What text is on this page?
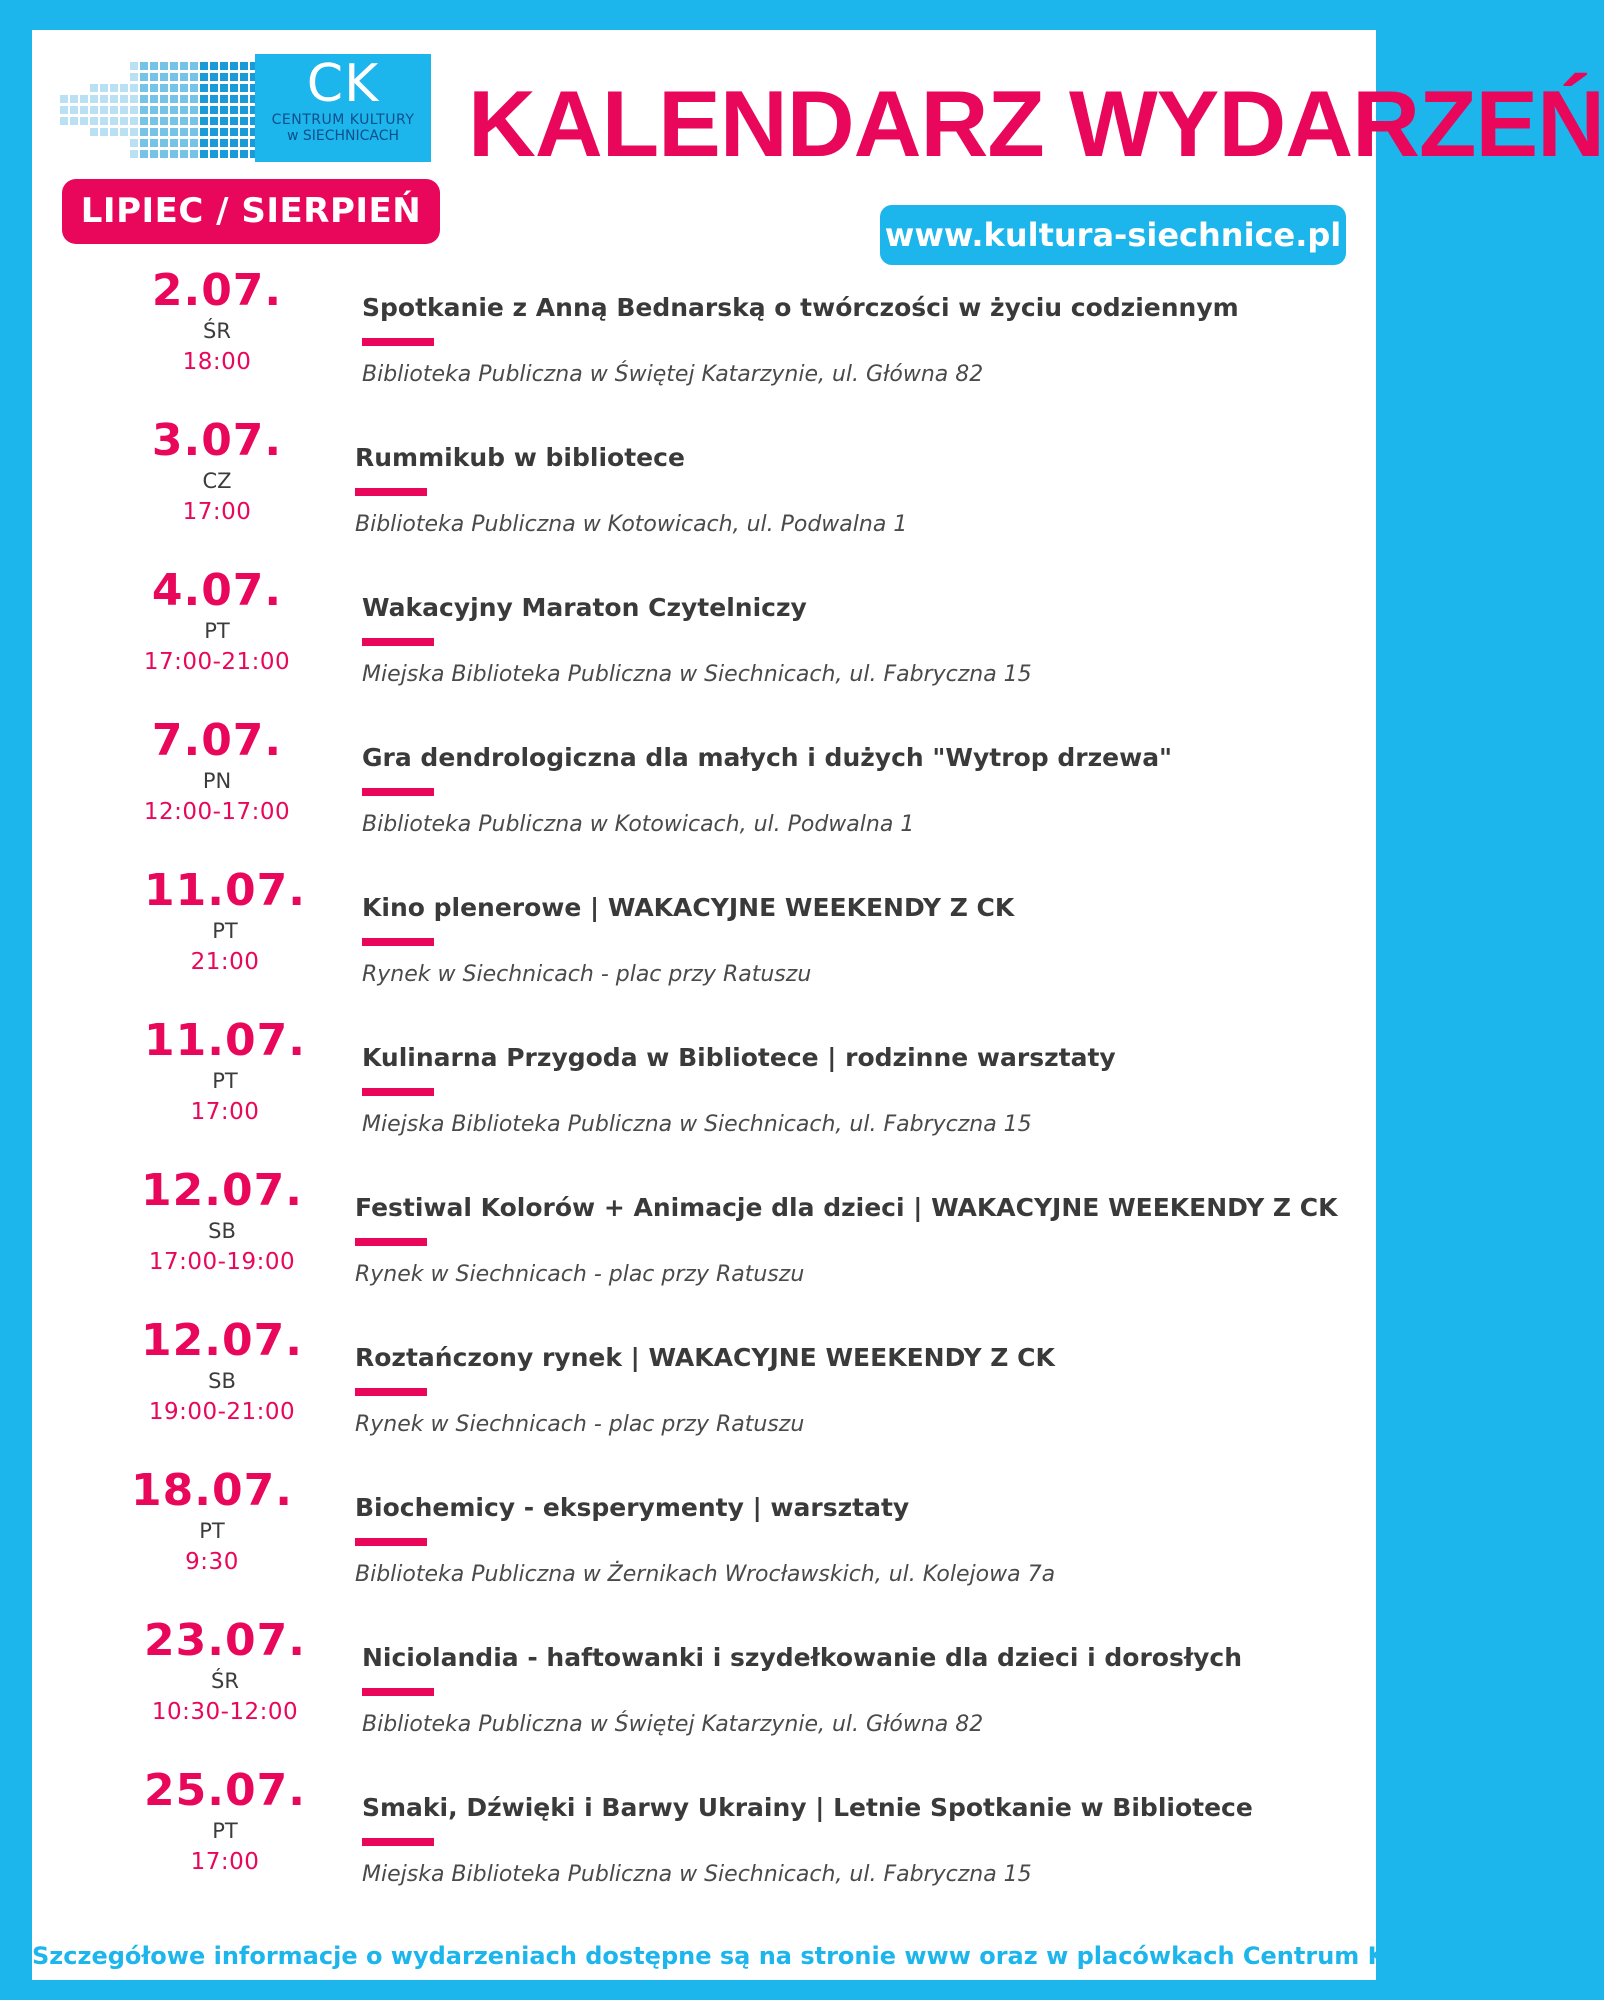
CK
CENTRUM KULTURY
w SIECHNICACH KALENDARZ WYDARZEŃ
LIPIEC / SIERPIEŃ
www.kultura-siechnice.pl
2.07.
ŚR
18:00
Spotkanie z Anną Bednarską o twórczości w życiu codziennym
Biblioteka Publiczna w Świętej Katarzynie, ul. Główna 82
3.07.
CZ
17:00
Rummikub w bibliotece
Biblioteka Publiczna w Kotowicach, ul. Podwalna 1
4.07.
PT
17:00-21:00
Wakacyjny Maraton Czytelniczy
Miejska Biblioteka Publiczna w Siechnicach, ul. Fabryczna 15
7.07.
PN
12:00-17:00
Gra dendrologiczna dla małych i dużych "Wytrop drzewa"
Biblioteka Publiczna w Kotowicach, ul. Podwalna 1
11.07.
PT
21:00
Kino plenerowe | WAKACYJNE WEEKENDY Z CK
Rynek w Siechnicach - plac przy Ratuszu
11.07.
PT
17:00
Kulinarna Przygoda w Bibliotece | rodzinne warsztaty
Miejska Biblioteka Publiczna w Siechnicach, ul. Fabryczna 15
12.07.
SB
17:00-19:00
Festiwal Kolorów + Animacje dla dzieci | WAKACYJNE WEEKENDY Z CK
Rynek w Siechnicach - plac przy Ratuszu
12.07.
SB
19:00-21:00
Roztańczony rynek | WAKACYJNE WEEKENDY Z CK
Rynek w Siechnicach - plac przy Ratuszu
18.07.
PT
9:30
Biochemicy - eksperymenty | warsztaty
Biblioteka Publiczna w Żernikach Wrocławskich, ul. Kolejowa 7a
23.07.
ŚR
10:30-12:00
Niciolandia - haftowanki i szydełkowanie dla dzieci i dorosłych
Biblioteka Publiczna w Świętej Katarzynie, ul. Główna 82
25.07.
PT
17:00
Smaki, Dźwięki i Barwy Ukrainy | Letnie Spotkanie w Bibliotece
Miejska Biblioteka Publiczna w Siechnicach, ul. Fabryczna 15
Szczegółowe informacje o wydarzeniach dostępne są na stronie www oraz w placówkach Centrum Kultury
